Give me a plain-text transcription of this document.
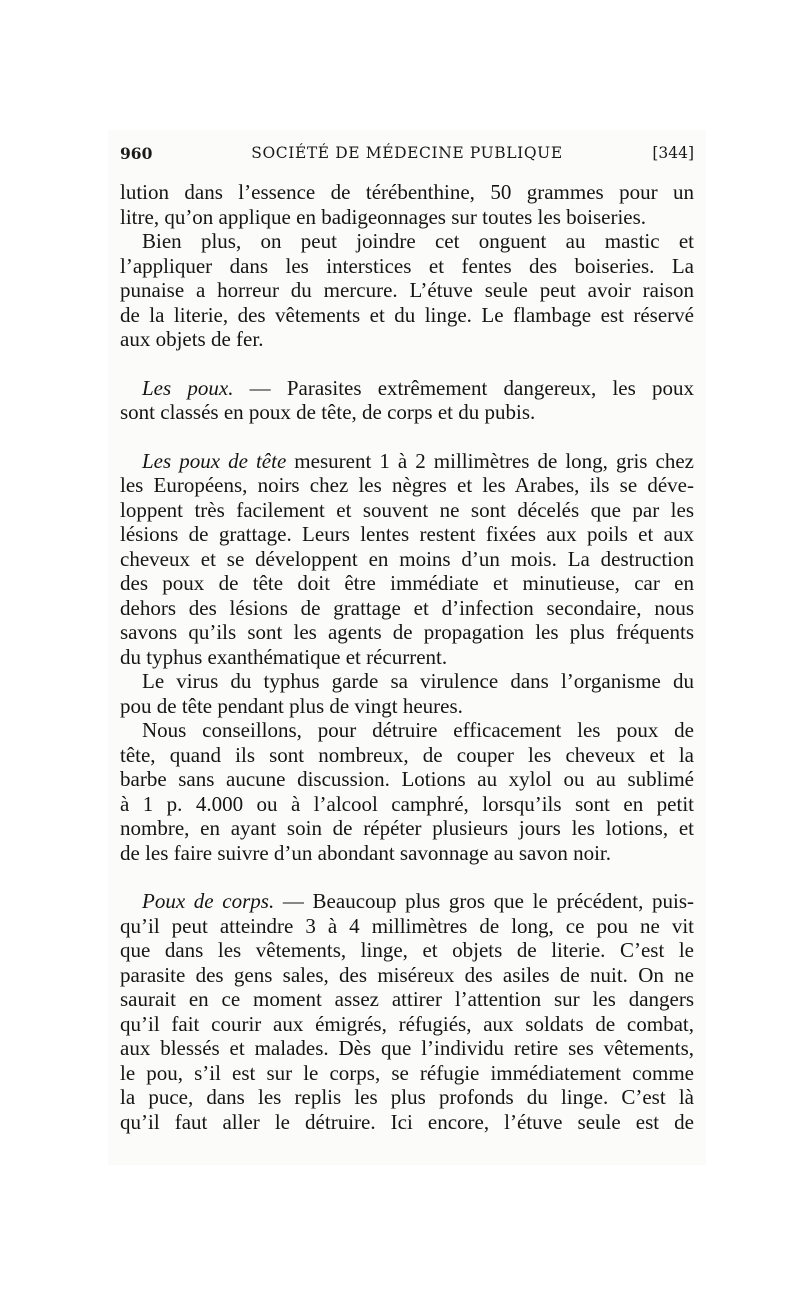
960	SOCIÉTÉ DE MÉDECINE PUBLIQUE	[344]

lution dans l’essence de térébenthine, 50 grammes pour un
litre, qu’on applique en badigeonnages sur toutes les boiseries.

Bien plus, on peut joindre cet onguent au mastic et
l’appliquer dans les interstices et fentes des boiseries. La
punaise a horreur du mercure. L’étuve seule peut avoir raison
de la literie, des vêtements et du linge. Le flambage est réservé
aux objets de fer.

Les poux. — Parasites extrêmement dangereux, les poux
sont classés en poux de tête, de corps et du pubis.

Les poux de tête mesurent 1 à 2 millimètres de long, gris chez
les Européens, noirs chez les nègres et les Arabes, ils se déve-
loppent très facilement et souvent ne sont décelés que par les
lésions de grattage. Leurs lentes restent fixées aux poils et aux
cheveux et se développent en moins d’un mois. La destruction
des poux de tête doit être immédiate et minutieuse, car en
dehors des lésions de grattage et d’infection secondaire, nous
savons qu’ils sont les agents de propagation les plus fréquents
du typhus exanthématique et récurrent.

Le virus du typhus garde sa virulence dans l’organisme du
pou de tête pendant plus de vingt heures.

Nous conseillons, pour détruire efficacement les poux de
tête, quand ils sont nombreux, de couper les cheveux et la
barbe sans aucune discussion. Lotions au xylol ou au sublimé
à 1 p. 4.000 ou à l’alcool camphré, lorsqu’ils sont en petit
nombre, en ayant soin de répéter plusieurs jours les lotions, et
de les faire suivre d’un abondant savonnage au savon noir.

Poux de corps. — Beaucoup plus gros que le précédent, puis-
qu’il peut atteindre 3 à 4 millimètres de long, ce pou ne vit
que dans les vêtements, linge, et objets de literie. C’est le
parasite des gens sales, des miséreux des asiles de nuit. On ne
saurait en ce moment assez attirer l’attention sur les dangers
qu’il fait courir aux émigrés, réfugiés, aux soldats de combat,
aux blessés et malades. Dès que l’individu retire ses vêtements,
le pou, s’il est sur le corps, se réfugie immédiatement comme
la puce, dans les replis les plus profonds du linge. C’est là
qu’il faut aller le détruire. Ici encore, l’étuve seule est de
